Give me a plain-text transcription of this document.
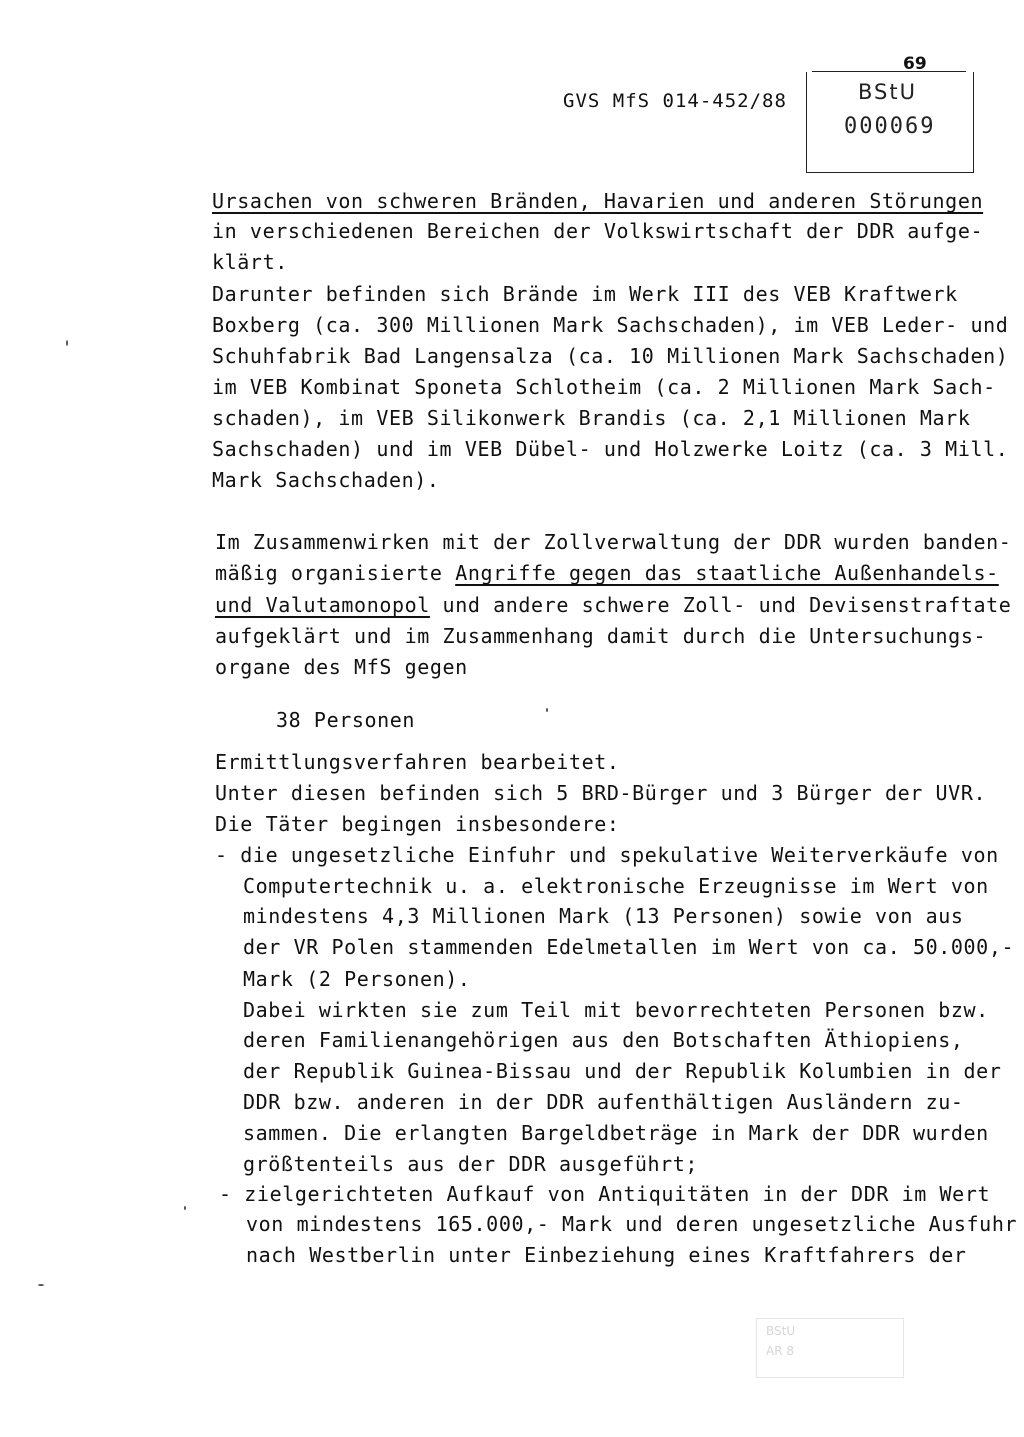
GVS MfS 014-452/88
69
BStU
000069
Ursachen von schweren Bränden, Havarien und anderen Störungen
in verschiedenen Bereichen der Volkswirtschaft der DDR aufge-
klärt.
Darunter befinden sich Brände im Werk III des VEB Kraftwerk
Boxberg (ca. 300 Millionen Mark Sachschaden), im VEB Leder- und
Schuhfabrik Bad Langensalza (ca. 10 Millionen Mark Sachschaden)
im VEB Kombinat Sponeta Schlotheim (ca. 2 Millionen Mark Sach-
schaden), im VEB Silikonwerk Brandis (ca. 2,1 Millionen Mark
Sachschaden) und im VEB Dübel- und Holzwerke Loitz (ca. 3 Mill.
Mark Sachschaden).
Im Zusammenwirken mit der Zollverwaltung der DDR wurden banden-
mäßig organisierte Angriffe gegen das staatliche Außenhandels-
und Valutamonopol und andere schwere Zoll- und Devisenstraftate
aufgeklärt und im Zusammenhang damit durch die Untersuchungs-
organe des MfS gegen
38 Personen
Ermittlungsverfahren bearbeitet.
Unter diesen befinden sich 5 BRD-Bürger und 3 Bürger der UVR.
Die Täter begingen insbesondere:
- die ungesetzliche Einfuhr und spekulative Weiterverkäufe von
Computertechnik u. a. elektronische Erzeugnisse im Wert von
mindestens 4,3 Millionen Mark (13 Personen) sowie von aus
der VR Polen stammenden Edelmetallen im Wert von ca. 50.000,-
Mark (2 Personen).
Dabei wirkten sie zum Teil mit bevorrechteten Personen bzw.
deren Familienangehörigen aus den Botschaften Äthiopiens,
der Republik Guinea-Bissau und der Republik Kolumbien in der
DDR bzw. anderen in der DDR aufenthältigen Ausländern zu-
sammen. Die erlangten Bargeldbeträge in Mark der DDR wurden
größtenteils aus der DDR ausgeführt;
- zielgerichteten Aufkauf von Antiquitäten in der DDR im Wert
von mindestens 165.000,- Mark und deren ungesetzliche Ausfuhr
nach Westberlin unter Einbeziehung eines Kraftfahrers der
BStU
AR 8
